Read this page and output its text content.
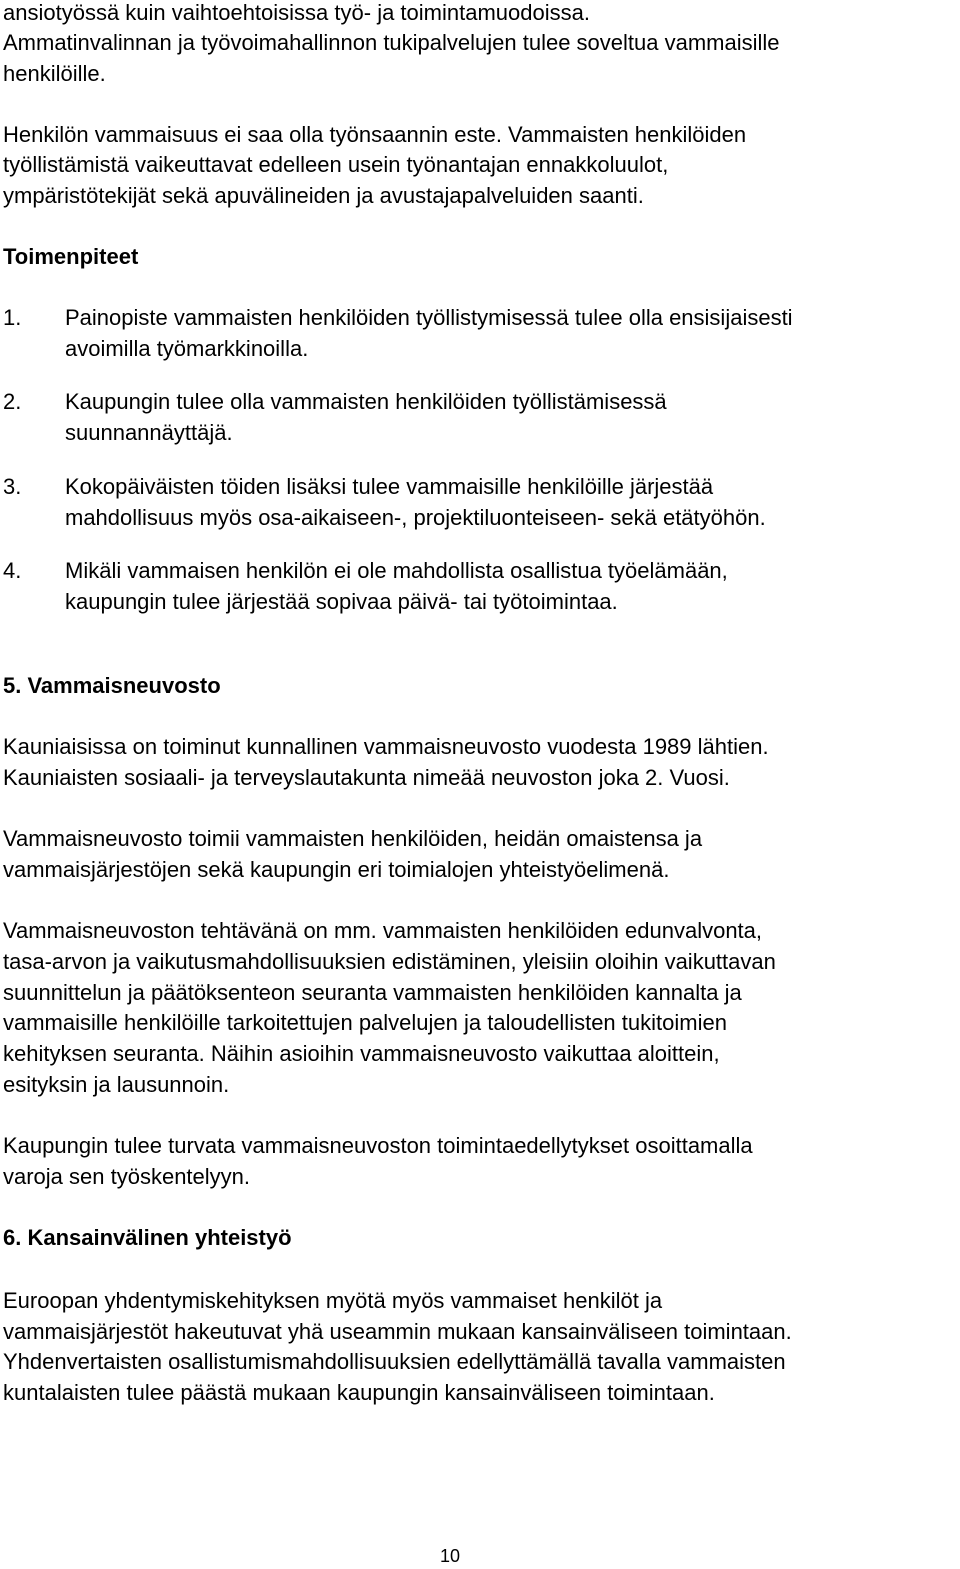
ansiotyössä kuin vaihtoehtoisissa työ- ja toimintamuodoissa.
Ammatinvalinnan ja työvoimahallinnon tukipalvelujen tulee soveltua vammaisille
henkilöille.
Henkilön vammaisuus ei saa olla työnsaannin este. Vammaisten henkilöiden
työllistämistä vaikeuttavat edelleen usein työnantajan ennakkoluulot,
ympäristötekijät sekä apuvälineiden ja avustajapalveluiden saanti.
Toimenpiteet
1. Painopiste vammaisten henkilöiden työllistymisessä tulee olla ensisijaisesti
avoimilla työmarkkinoilla.
2. Kaupungin tulee olla vammaisten henkilöiden työllistämisessä
suunnannäyttäjä.
3. Kokopäiväisten töiden lisäksi tulee vammaisille henkilöille järjestää
mahdollisuus myös osa-aikaiseen-, projektiluonteiseen- sekä etätyöhön.
4. Mikäli vammaisen henkilön ei ole mahdollista osallistua työelämään,
kaupungin tulee järjestää sopivaa päivä- tai työtoimintaa.
5. Vammaisneuvosto
Kauniaisissa on toiminut kunnallinen vammaisneuvosto vuodesta 1989 lähtien.
Kauniaisten sosiaali- ja terveyslautakunta nimeää neuvoston joka 2. Vuosi.
Vammaisneuvosto toimii vammaisten henkilöiden, heidän omaistensa ja
vammaisjärjestöjen sekä kaupungin eri toimialojen yhteistyöelimenä.
Vammaisneuvoston tehtävänä on mm. vammaisten henkilöiden edunvalvonta,
tasa-arvon ja vaikutusmahdollisuuksien edistäminen, yleisiin oloihin vaikuttavan
suunnittelun ja päätöksenteon seuranta vammaisten henkilöiden kannalta ja
vammaisille henkilöille tarkoitettujen palvelujen ja taloudellisten tukitoimien
kehityksen seuranta. Näihin asioihin vammaisneuvosto vaikuttaa aloittein,
esityksin ja lausunnoin.
Kaupungin tulee turvata vammaisneuvoston toimintaedellytykset osoittamalla
varoja sen työskentelyyn.
6. Kansainvälinen yhteistyö
Euroopan yhdentymiskehityksen myötä myös vammaiset henkilöt ja
vammaisjärjestöt hakeutuvat yhä useammin mukaan kansainväliseen toimintaan.
Yhdenvertaisten osallistumismahdollisuuksien edellyttämällä tavalla vammaisten
kuntalaisten tulee päästä mukaan kaupungin kansainväliseen toimintaan.
10
